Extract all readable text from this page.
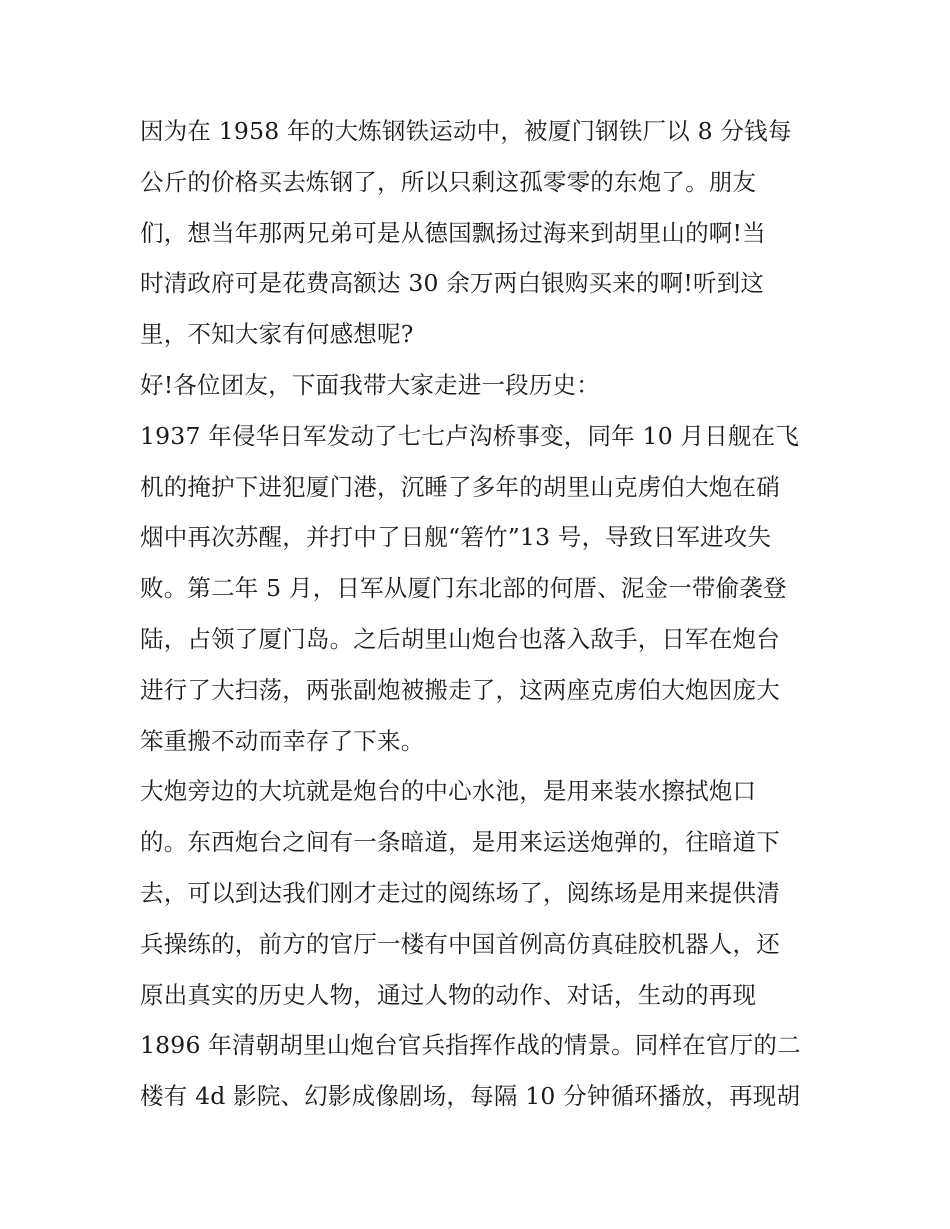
因为在 1958 年的大炼钢铁运动中，被厦门钢铁厂以 8 分钱每
公斤的价格买去炼钢了，所以只剩这孤零零的东炮了。朋友
们，想当年那两兄弟可是从德国飘扬过海来到胡里山的啊!当
时清政府可是花费高额达 30 余万两白银购买来的啊!听到这
里，不知大家有何感想呢?
好!各位团友，下面我带大家走进一段历史：
1937 年侵华日军发动了七七卢沟桥事变，同年 10 月日舰在飞
机的掩护下进犯厦门港，沉睡了多年的胡里山克虏伯大炮在硝
烟中再次苏醒，并打中了日舰“箬竹”13 号，导致日军进攻失
败。第二年 5 月，日军从厦门东北部的何厝、泥金一带偷袭登
陆，占领了厦门岛。之后胡里山炮台也落入敌手，日军在炮台
进行了大扫荡，两张副炮被搬走了，这两座克虏伯大炮因庞大
笨重搬不动而幸存了下来。
大炮旁边的大坑就是炮台的中心水池，是用来装水擦拭炮口
的。东西炮台之间有一条暗道，是用来运送炮弹的，往暗道下
去，可以到达我们刚才走过的阅练场了，阅练场是用来提供清
兵操练的，前方的官厅一楼有中国首例高仿真硅胶机器人，还
原出真实的历史人物，通过人物的动作、对话，生动的再现
1896 年清朝胡里山炮台官兵指挥作战的情景。同样在官厅的二
楼有 4d 影院、幻影成像剧场，每隔 10 分钟循环播放，再现胡
